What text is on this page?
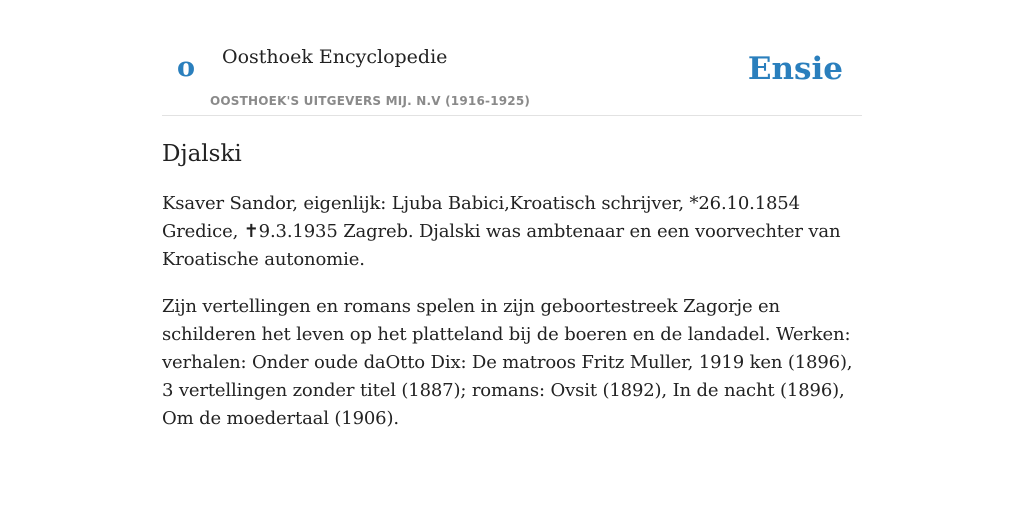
o Oosthoek Encyclopedie
OOSTHOEK'S UITGEVERS MIJ. N.V (1916-1925)
Ensie
Djalski

Ksaver Sandor, eigenlijk: Ljuba Babici,Kroatisch schrijver, *26.10.1854 Gredice, ✝9.3.1935 Zagreb. Djalski was ambtenaar en een voorvechter van Kroatische autonomie.

Zijn vertellingen en romans spelen in zijn geboortestreek Zagorje en schilderen het leven op het platteland bij de boeren en de landadel. Werken: verhalen: Onder oude daOtto Dix: De matroos Fritz Muller, 1919 ken (1896), 3 vertellingen zonder titel (1887); romans: Ovsit (1892), In de nacht (1896), Om de moedertaal (1906).
